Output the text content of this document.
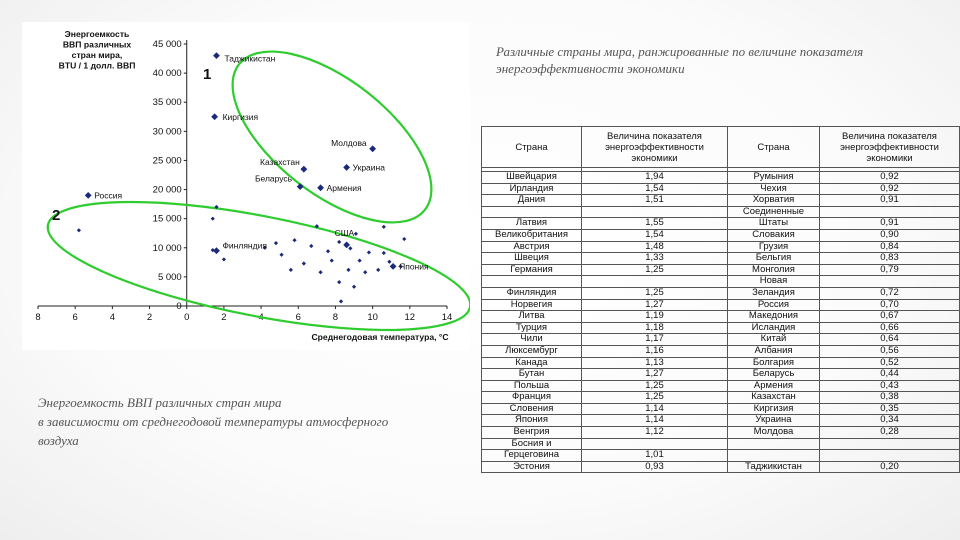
0
5 000
10 000
15 000
20 000
25 000
30 000
35 000
40 000
45 000
8	6	4	2	0	2	4	6	8	10	12	14
Энергоемкость
ВВП различных
стран мира,
BTU / 1 долл. ВВП
Среднегодовая температура, °С
1
2
Таджикистан
Киргизия
Молдова
Казахстан
Украина
Беларусь
Армения
Россия
Финляндия
США
Япония
Различные страны мира, ранжированные по величине показателя энергоэффективности экономики
Энергоемкость ВВП различных стран мира
в зависимости от среднегодовой температуры атмосферного
воздуха
Страна	Величина показателя энергоэффективности экономики	Страна	Величина показателя энергоэффективности экономики

Швейцария	1,94	Румыния	0,92
Ирландия	1,54	Чехия	0,92
Дания	1,51	Хорватия	0,91
		Соединенные	
Латвия	1,55	Штаты	0,91
Великобритания	1,54	Словакия	0,90
Австрия	1,48	Грузия	0,84
Швеция	1,33	Бельгия	0,83
Германия	1,25	Монголия	0,79
		Новая	
Финляндия	1,25	Зеландия	0,72
Норвегия	1,27	Россия	0,70
Литва	1,19	Македония	0,67
Турция	1,18	Исландия	0,66
Чили	1,17	Китай	0,64
Люксембург	1,16	Албания	0,56
Канада	1,13	Болгария	0,52
Бутан	1,27	Беларусь	0,44
Польша	1,25	Армения	0,43
Франция	1,25	Казахстан	0,38
Словения	1,14	Киргизия	0,35
Япония	1,14	Украина	0,34
Венгрия	1,12	Молдова	0,28
Босния и			
Герцеговина	1,01		
Эстония	0,93	Таджикистан	0,20
